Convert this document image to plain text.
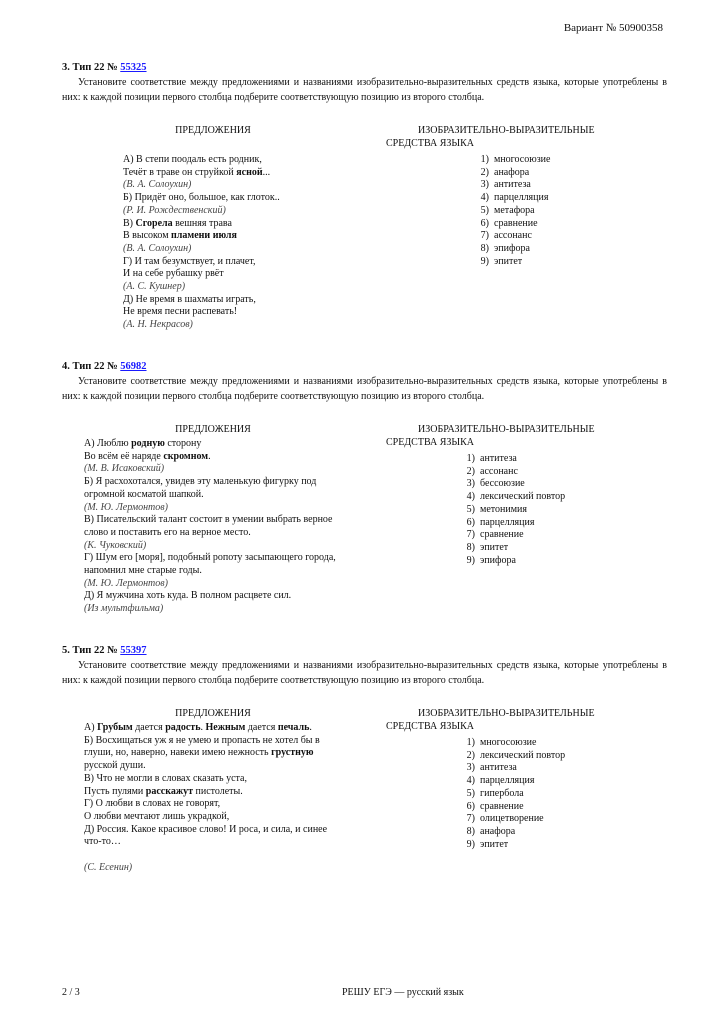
Вариант № 50900358
3. Тип 22 № 55325
Установите соответствие между предложениями и названиями изобразительно-выразительных средств языка, которые употреблены в них: к каждой позиции первого столбца подберите соответствующую позицию из второго столбца.
ПРЕДЛОЖЕНИЯ	ИЗОБРАЗИТЕЛЬНО-ВЫРАЗИТЕЛЬНЫЕ
СРЕДСТВА ЯЗЫКА
А) В степи поодаль есть родник,
Течёт в траве он струйкой ясной...
(В. А. Солоухин)
Б) Придёт оно, большое, как глоток..
(Р. И. Рождественский)
В) Сгорела вешняя трава
В высоком пламени июля
(В. А. Солоухин)
Г) И там безумствует, и плачет,
И на себе рубашку рвёт
(А. С. Кушнер)
Д) Не время в шахматы играть,
Не время песни распевать!
(А. Н. Некрасов)
1) многосоюзие
2) анафора
3) антитеза
4) парцелляция
5) метафора
6) сравнение
7) ассонанс
8) эпифора
9) эпитет
4. Тип 22 № 56982
Установите соответствие между предложениями и названиями изобразительно-выразительных средств языка, которые употреблены в них: к каждой позиции первого столбца подберите соответствующую позицию из второго столбца.
ПРЕДЛОЖЕНИЯ	ИЗОБРАЗИТЕЛЬНО-ВЫРАЗИТЕЛЬНЫЕ
СРЕДСТВА ЯЗЫКА
А) Люблю родную сторону
Во всём её наряде скромном.
(М. В. Исаковский)
Б) Я расхохотался, увидев эту маленькую фигурку под огромной косматой шапкой.
(М. Ю. Лермонтов)
В) Писательский талант состоит в умении выбрать верное слово и поставить его на верное место.
(К. Чуковский)
Г) Шум его [моря], подобный ропоту засыпающего города, напомнил мне старые годы.
(М. Ю. Лермонтов)
Д) Я мужчина хоть куда. В полном расцвете сил.
(Из мультфильма)
1) антитеза
2) ассонанс
3) бессоюзие
4) лексический повтор
5) метонимия
6) парцелляция
7) сравнение
8) эпитет
9) эпифора
5. Тип 22 № 55397
Установите соответствие между предложениями и названиями изобразительно-выразительных средств языка, которые употреблены в них: к каждой позиции первого столбца подберите соответствующую позицию из второго столбца.
ПРЕДЛОЖЕНИЯ	ИЗОБРАЗИТЕЛЬНО-ВЫРАЗИТЕЛЬНЫЕ
СРЕДСТВА ЯЗЫКА
А) Грубым дается радость. Нежным дается печаль.
Б) Восхищаться уж я не умею и пропасть не хотел бы в глуши, но, наверно, навеки имею нежность грустную русской души.
В) Что не могли в словах сказать уста,
Пусть пулями расскажут пистолеты.
Г) О любви в словах не говорят,
О любви мечтают лишь украдкой,
Д) Россия. Какое красивое слово! И роса, и сила, и синее что-то…
(С. Есенин)
1) многосоюзие
2) лексический повтор
3) антитеза
4) парцелляция
5) гипербола
6) сравнение
7) олицетворение
8) анафора
9) эпитет
2 / 3	РЕШУ ЕГЭ — русский язык
